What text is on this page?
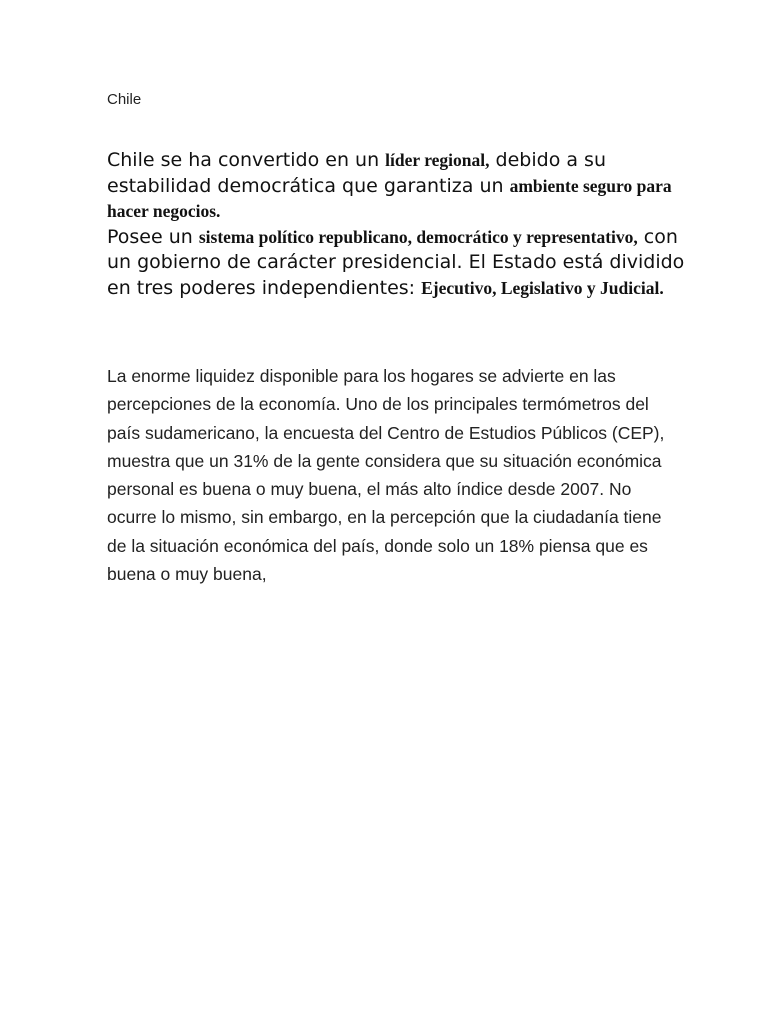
Chile
Chile se ha convertido en un líder regional, debido a su estabilidad democrática que garantiza un ambiente seguro para hacer negocios.
Posee un sistema político republicano, democrático y representativo, con un gobierno de carácter presidencial. El Estado está dividido en tres poderes independientes: Ejecutivo, Legislativo y Judicial.
La enorme liquidez disponible para los hogares se advierte en las percepciones de la economía. Uno de los principales termómetros del país sudamericano, la encuesta del Centro de Estudios Públicos (CEP), muestra que un 31% de la gente considera que su situación económica personal es buena o muy buena, el más alto índice desde 2007. No ocurre lo mismo, sin embargo, en la percepción que la ciudadanía tiene de la situación económica del país, donde solo un 18% piensa que es buena o muy buena,
